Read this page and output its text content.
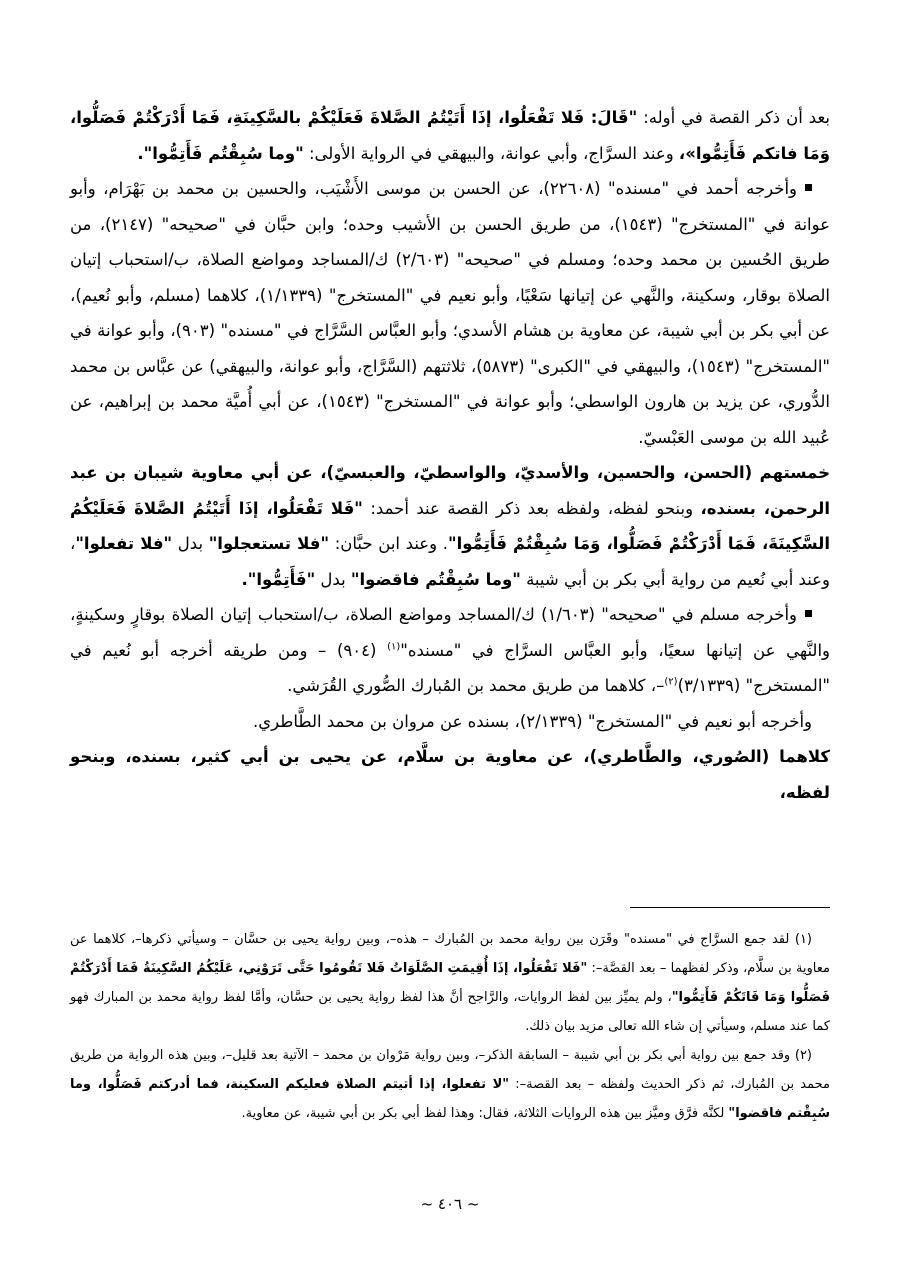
بعد أن ذكر القصة في أوله: "قَالَ: فَلا تَفْعَلُوا، إذَا أَتَيْتُمُ الصَّلاةَ فَعَلَيْكُمْ بالسَّكِينَةِ، فَمَا أَدْرَكْتُمْ فَصَلُّوا، وَمَا فاتكم فَأَتِمُّوا»، وعند السرَّاج، وأبي عوانة، والبيهقي في الرواية الأولى: "وما سُبِقْتُم فَأَتِمُّوا".

وأخرجه أحمد في "مسنده" (٢٢٦٠٨)، عن الحسن بن موسى الأَشْيَب، والحسين بن محمد بن بَهْرَام، وأبو عوانة في "المستخرج" (١٥٤٣)، من طريق الحسن بن الأشيب وحده؛ وابن حبَّان في "صحيحه" (٢١٤٧)، من طريق الحُسين بن محمد وحده؛ ومسلم في "صحيحه" (٢/٦٠٣) ك/المساجد ومواضع الصلاة، ب/استحباب إتيان الصلاة بوقار، وسكينة، والنَّهي عن إتيانها سَعْيًا، وأبو نعيم في "المستخرج" (١/١٣٣٩)، كلاهما (مسلم، وأبو نُعيم)، عن أبي بكر بن أبي شيبة، عن معاوية بن هشام الأسدي؛ وأبو العبَّاس السَّرَّاج في "مسنده" (٩٠٣)، وأبو عوانة في "المستخرج" (١٥٤٣)، والبيهقي في "الكبرى" (٥٨٧٣)، ثلاثتهم (السَّرَّاج، وأبو عوانة، والبيهقي) عن عبَّاس بن محمد الدُّوري، عن يزيد بن هارون الواسطي؛ وأبو عوانة في "المستخرج" (١٥٤٣)، عن أبي أُميَّة محمد بن إبراهيم، عن عُبيد الله بن موسى العَبْسيّ.

خمستهم (الحسن، والحسين، والأسديّ، والواسطيّ، والعبسيّ)، عن أبي معاوية شيبان بن عبد الرحمن، بسنده، وبنحو لفظه، ولفظه بعد ذكر القصة عند أحمد: "فَلا تَفْعَلُوا، إذَا أَتَيْتُمُ الصَّلاةَ فَعَلَيْكُمُ السَّكِينَةَ، فَمَا أَدْرَكْتُمْ فَصَلُّوا، وَمَا سُبِقْتُمْ فَأَتِمُّوا". وعند ابن حبَّان: "فلا تستعجلوا" بدل "فلا تفعلوا"، وعند أبي نُعيم من رواية أبي بكر بن أبي شيبة "وما سُبِقْتُم فاقضوا" بدل "فَأَتِمُّوا".

وأخرجه مسلم في "صحيحه" (١/٦٠٣) ك/المساجد ومواضع الصلاة، ب/استحباب إتيان الصلاة بوقارٍ وسكينةٍ، والنَّهي عن إتيانها سعيًا، وأبو العبَّاس السرَّاج في "مسنده"$^{(١)}$ (٩٠٤) – ومن طريقه أخرجه أبو نُعيم في "المستخرج" (٣/١٣٣٩)$^{(٢)}$–، كلاهما من طريق محمد بن المُبارك الصُّوري القُرَشي.

وأخرجه أبو نعيم في "المستخرج" (٢/١٣٣٩)، بسنده عن مروان بن محمد الطَّاطري.

كلاهما (الصُوري، والطَّاطري)، عن معاوية بن سلَّام، عن يحيى بن أبي كثير، بسنده، وبنحو لفظه،

(١) لقد جمع السرَّاج في "مسنده" وقَرَن بين رواية محمد بن المُبارك – هذه–، وبين رواية يحيى بن حسَّان – وسيأتي ذكرها–، كلاهما عن معاوية بن سلَّام، وذكر لفظهما – بعد القصَّة–: "فَلا تَفْعَلُوا، إذَا أُقِيمَتِ الصَّلَوَاتُ فَلا تَقُومُوا حَتَّى تَرَوْنِي، عَلَيْكُمُ السَّكِينَةُ فَمَا أَدْرَكْتُمْ فَصَلُّوا وَمَا فَاتَكُمْ فَأَتِمُّوا"، ولم يميِّز بين لفظ الروايات، والرَّاجح أنَّ هذا لفظ رواية يحيى بن حسَّان، وأمَّا لفظ رواية محمد بن المبارك فهو كما عند مسلم، وسيأتي إن شاء الله تعالى مزيد بيان ذلك.

(٢) وقد جمع بين رواية أبي بكر بن أبي شيبة – السابقة الذكر–، وبين رواية مَرْوان بن محمد – الآتية بعد قليل–، وبين هذه الرواية من طريق محمد بن المُبارك، ثم ذكر الحديث ولفظه – بعد القصة–: "لا تفعلوا، إذا أتيتم الصلاة فعليكم السكينة، فما أدركتم فَصَلُّوا، وما سُبِقْتم فاقضوا" لكنَّه فرَّق وميَّز بين هذه الروايات الثلاثة، فقال: وهذا لفظ أبي بكر بن أبي شيبة، عن معاوية.

~ ٤٠٦ ~
